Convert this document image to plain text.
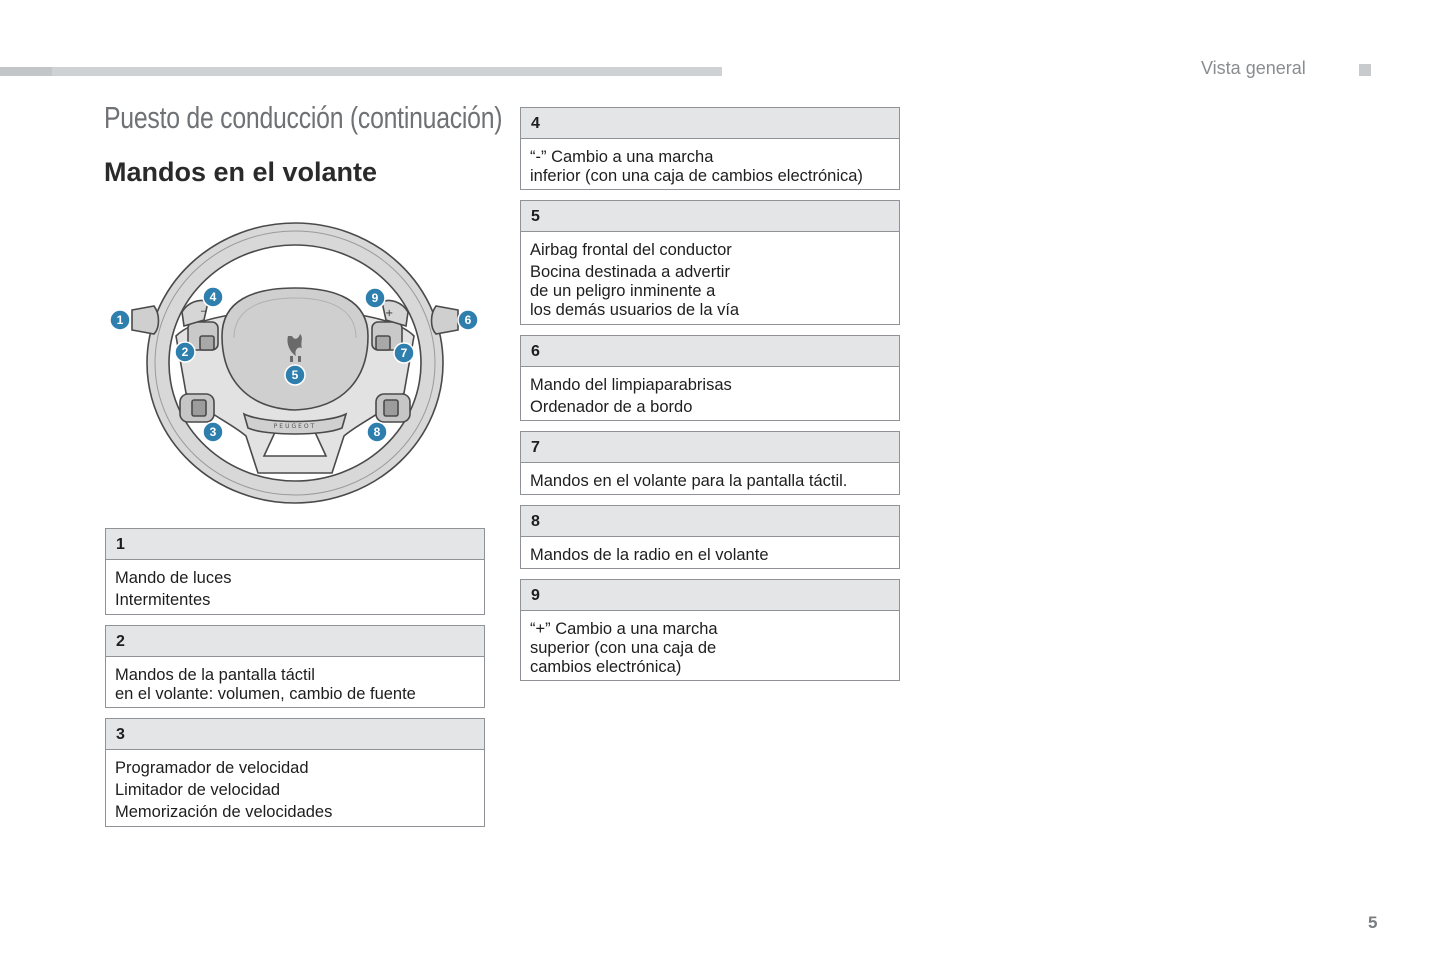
Vista general
Puesto de conducción (continuación)
Mandos en el volante
PEUGEOT
−	+
1
2
3
4
5
6
7
8
9
1
Mando de luces
Intermitentes
2
Mandos de la pantalla táctil
en el volante: volumen, cambio de fuente
3
Programador de velocidad
Limitador de velocidad
Memorización de velocidades
4
“-” Cambio a una marcha
inferior (con una caja de cambios electrónica)
5
Airbag frontal del conductor
Bocina destinada a advertir
de un peligro inminente a
los demás usuarios de la vía
6
Mando del limpiaparabrisas
Ordenador de a bordo
7
Mandos en el volante para la pantalla táctil.
8
Mandos de la radio en el volante
9
“+” Cambio a una marcha
superior (con una caja de
cambios electrónica)
5
